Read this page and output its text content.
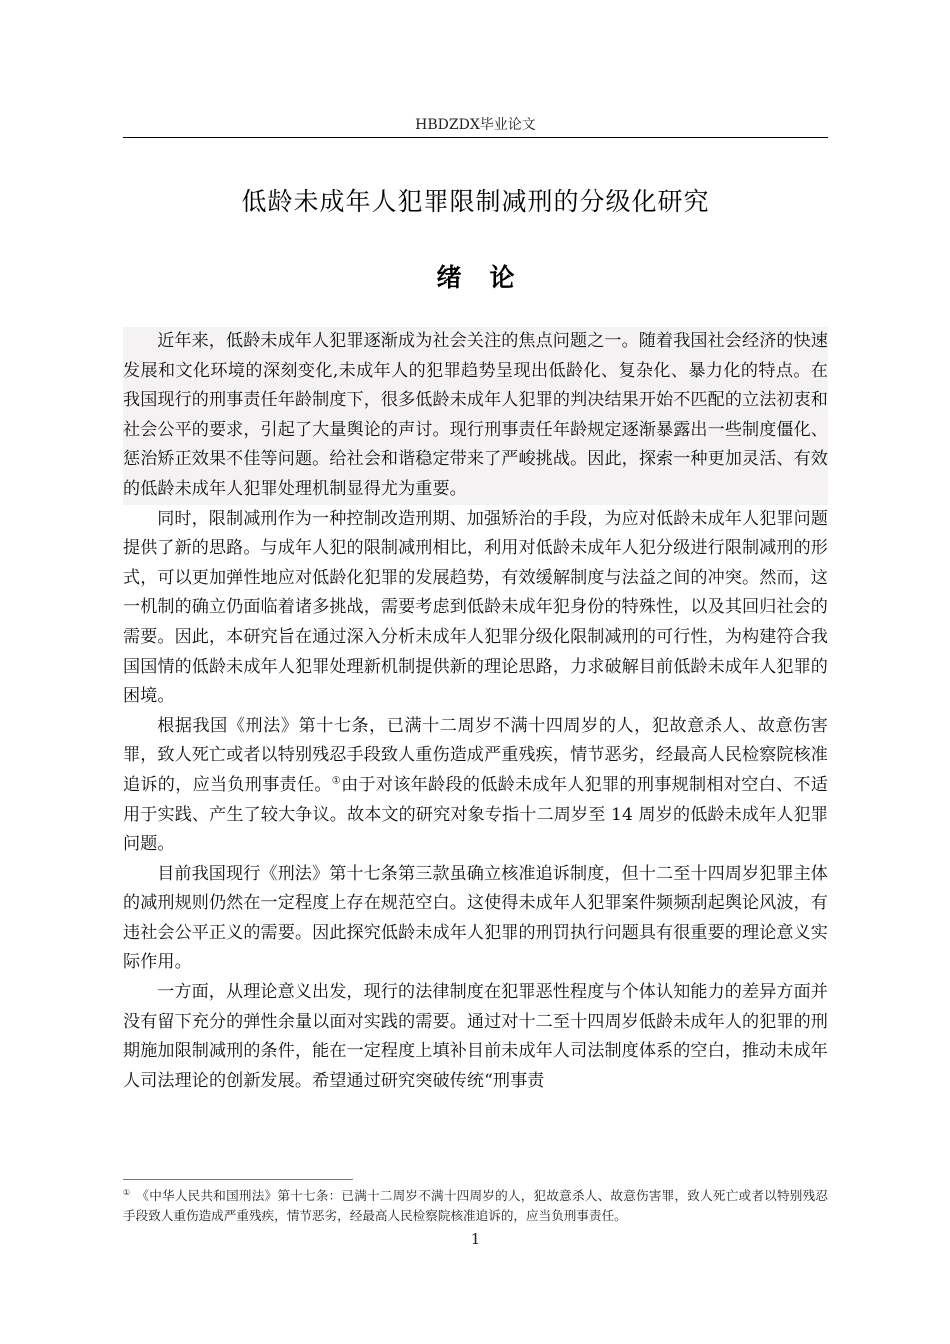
HBDZDX毕业论文
低龄未成年人犯罪限制减刑的分级化研究
绪论

近年来，低龄未成年人犯罪逐渐成为社会关注的焦点问题之一。随着我国社会经济的快速发展和文化环境的深刻变化,未成年人的犯罪趋势呈现出低龄化、复杂化、暴力化的特点。在我国现行的刑事责任年龄制度下，很多低龄未成年人犯罪的判决结果开始不匹配的立法初衷和社会公平的要求，引起了大量舆论的声讨。现行刑事责任年龄规定逐渐暴露出一些制度僵化、惩治矫正效果不佳等问题。给社会和谐稳定带来了严峻挑战。因此，探索一种更加灵活、有效的低龄未成年人犯罪处理机制显得尤为重要。

同时，限制减刑作为一种控制改造刑期、加强矫治的手段，为应对低龄未成年人犯罪问题提供了新的思路。与成年人犯的限制减刑相比，利用对低龄未成年人犯分级进行限制减刑的形式，可以更加弹性地应对低龄化犯罪的发展趋势，有效缓解制度与法益之间的冲突。然而，这一机制的确立仍面临着诸多挑战，需要考虑到低龄未成年犯身份的特殊性，以及其回归社会的需要。因此，本研究旨在通过深入分析未成年人犯罪分级化限制减刑的可行性，为构建符合我国国情的低龄未成年人犯罪处理新机制提供新的理论思路，力求破解目前低龄未成年人犯罪的困境。

根据我国《刑法》第十七条，已满十二周岁不满十四周岁的人，犯故意杀人、故意伤害罪，致人死亡或者以特别残忍手段致人重伤造成严重残疾，情节恶劣，经最高人民检察院核准追诉的，应当负刑事责任。①由于对该年龄段的低龄未成年人犯罪的刑事规制相对空白、不适用于实践、产生了较大争议。故本文的研究对象专指十二周岁至 14 周岁的低龄未成年人犯罪问题。

目前我国现行《刑法》第十七条第三款虽确立核准追诉制度，但十二至十四周岁犯罪主体的减刑规则仍然在一定程度上存在规范空白。这使得未成年人犯罪案件频频刮起舆论风波，有违社会公平正义的需要。因此探究低龄未成年人犯罪的刑罚执行问题具有很重要的理论意义实际作用。

一方面，从理论意义出发，现行的法律制度在犯罪恶性程度与个体认知能力的差异方面并没有留下充分的弹性余量以面对实践的需要。通过对十二至十四周岁低龄未成年人的犯罪的刑期施加限制减刑的条件，能在一定程度上填补目前未成年人司法制度体系的空白，推动未成年人司法理论的创新发展。希望通过研究突破传统“刑事责

① 《中华人民共和国刑法》第十七条：已满十二周岁不满十四周岁的人，犯故意杀人、故意伤害罪，致人死亡或者以特别残忍手段致人重伤造成严重残疾，情节恶劣，经最高人民检察院核准追诉的，应当负刑事责任。
1
